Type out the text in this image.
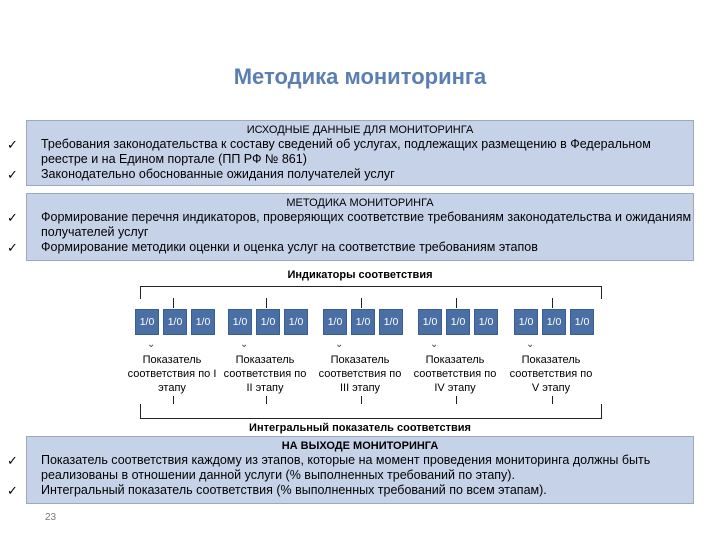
Методика мониторинга
ИСХОДНЫЕ ДАННЫЕ ДЛЯ МОНИТОРИНГА
✓ Требования законодательства к составу сведений об услугах, подлежащих размещению в Федеральном реестре и на Едином портале (ПП РФ № 861)
✓ Законодательно обоснованные ожидания получателей услуг
МЕТОДИКА МОНИТОРИНГА
✓ Формирование перечня индикаторов, проверяющих соответствие требованиям законодательства и ожиданиям получателей услуг
✓ Формирование методики оценки и оценка услуг на соответствие требованиям этапов
Индикаторы соответствия
1/0	1/0	1/0
⌄
Показатель соответствия по I этапу
1/0	1/0	1/0
⌄
Показатель соответствия по II этапу
1/0	1/0	1/0
⌄
Показатель соответствия по III этапу
1/0	1/0	1/0
⌄
Показатель соответствия по IV этапу
1/0	1/0	1/0
⌄
Показатель соответствия по V этапу
Интегральный показатель соответствия
НА ВЫХОДЕ МОНИТОРИНГА
✓ Показатель соответствия каждому из этапов, которые на момент проведения мониторинга должны быть реализованы в отношении данной услуги (% выполненных требований по этапу).
✓ Интегральный показатель соответствия (% выполненных требований по всем этапам).
23
